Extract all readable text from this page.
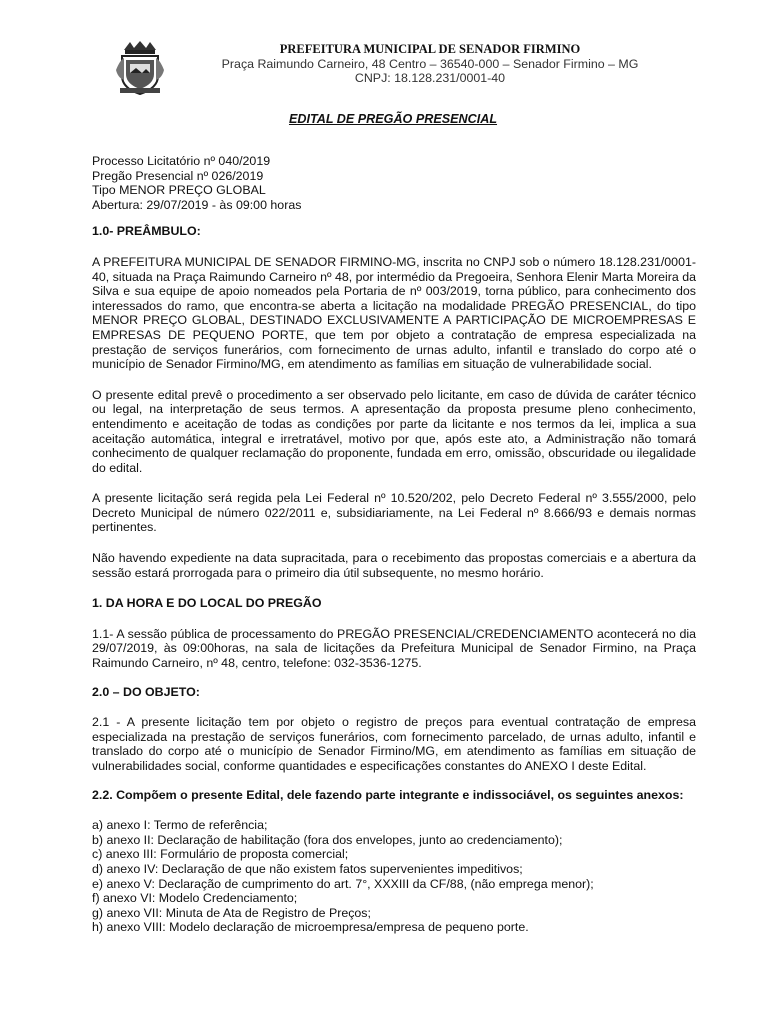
PREFEITURA MUNICIPAL DE SENADOR FIRMINO
Praça Raimundo Carneiro, 48 Centro – 36540-000 – Senador Firmino – MG
CNPJ: 18.128.231/0001-40
EDITAL DE PREGÃO PRESENCIAL
Processo Licitatório nº 040/2019
Pregão Presencial nº 026/2019
Tipo MENOR PREÇO GLOBAL
Abertura: 29/07/2019 - às 09:00 horas

1.0- PREÂMBULO:

A PREFEITURA MUNICIPAL DE SENADOR FIRMINO-MG, inscrita no CNPJ sob o número 18.128.231/0001-40, situada na Praça Raimundo Carneiro nº 48, por intermédio da Pregoeira, Senhora Elenir Marta Moreira da Silva e sua equipe de apoio nomeados pela Portaria de nº 003/2019, torna público, para conhecimento dos interessados do ramo, que encontra-se aberta a licitação na modalidade PREGÃO PRESENCIAL, do tipo MENOR PREÇO GLOBAL, DESTINADO EXCLUSIVAMENTE A PARTICIPAÇÃO DE MICROEMPRESAS E EMPRESAS DE PEQUENO PORTE, que tem por objeto a contratação de empresa especializada na prestação de serviços funerários, com fornecimento de urnas adulto, infantil e translado do corpo até o município de Senador Firmino/MG, em atendimento as famílias em situação de vulnerabilidade social.

O presente edital prevê o procedimento a ser observado pelo licitante, em caso de dúvida de caráter técnico ou legal, na interpretação de seus termos. A apresentação da proposta presume pleno conhecimento, entendimento e aceitação de todas as condições por parte da licitante e nos termos da lei, implica a sua aceitação automática, integral e irretratável, motivo por que, após este ato, a Administração não tomará conhecimento de qualquer reclamação do proponente, fundada em erro, omissão, obscuridade ou ilegalidade do edital.

A presente licitação será regida pela Lei Federal nº 10.520/202, pelo Decreto Federal nº 3.555/2000, pelo Decreto Municipal de número 022/2011 e, subsidiariamente, na Lei Federal nº 8.666/93 e demais normas pertinentes.

Não havendo expediente na data supracitada, para o recebimento das propostas comerciais e a abertura da sessão estará prorrogada para o primeiro dia útil subsequente, no mesmo horário.

1. DA HORA E DO LOCAL DO PREGÃO

1.1- A sessão pública de processamento do PREGÃO PRESENCIAL/CREDENCIAMENTO acontecerá no dia 29/07/2019, às 09:00horas, na sala de licitações da Prefeitura Municipal de Senador Firmino, na Praça Raimundo Carneiro, nº 48, centro, telefone: 032-3536-1275.

2.0 – DO OBJETO:

2.1 - A presente licitação tem por objeto o registro de preços para eventual contratação de empresa especializada na prestação de serviços funerários, com fornecimento parcelado, de urnas adulto, infantil e translado do corpo até o município de Senador Firmino/MG, em atendimento as famílias em situação de vulnerabilidades social, conforme quantidades e especificações constantes do ANEXO I deste Edital.

2.2. Compõem o presente Edital, dele fazendo parte integrante e indissociável, os seguintes anexos:

a) anexo I: Termo de referência;
b) anexo II: Declaração de habilitação (fora dos envelopes, junto ao credenciamento);
c) anexo III: Formulário de proposta comercial;
d) anexo IV: Declaração de que não existem fatos supervenientes impeditivos;
e) anexo V: Declaração de cumprimento do art. 7°, XXXIII da CF/88, (não emprega menor);
f) anexo VI: Modelo Credenciamento;
g) anexo VII: Minuta de Ata de Registro de Preços;
h) anexo VIII: Modelo declaração de microempresa/empresa de pequeno porte.
